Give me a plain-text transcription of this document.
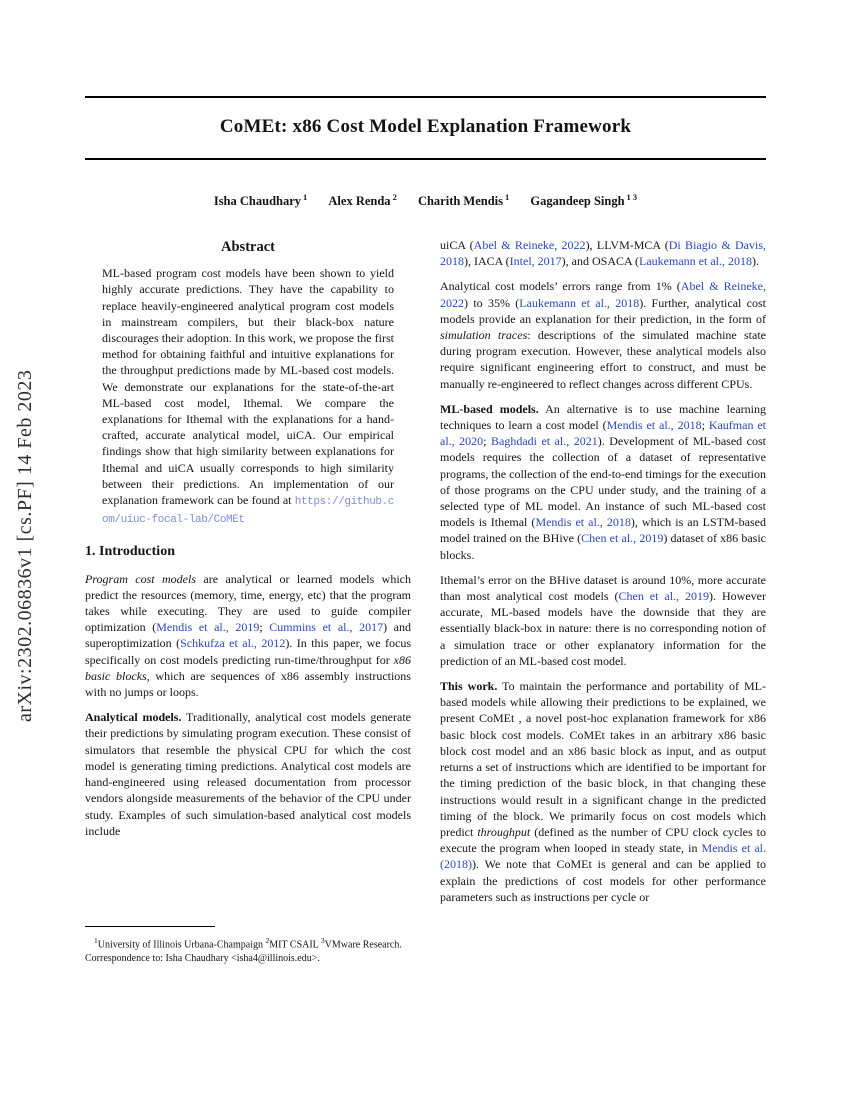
arXiv:2302.06836v1 [cs.PF] 14 Feb 2023
CoMEt: x86 Cost Model Explanation Framework
Isha Chaudhary $^1$ Alex Renda $^2$ Charith Mendis $^1$ Gagandeep Singh $^{1 3}$
Abstract

ML-based program cost models have been shown to yield highly accurate predictions. They have the capability to replace heavily-engineered analytical program cost models in mainstream compilers, but their black-box nature discourages their adoption. In this work, we propose the first method for obtaining faithful and intuitive explanations for the throughput predictions made by ML-based cost models. We demonstrate our explanations for the state-of-the-art ML-based cost model, Ithemal. We compare the explanations for Ithemal with the explanations for a hand-crafted, accurate analytical model, uiCA. Our empirical findings show that high similarity between explanations for Ithemal and uiCA usually corresponds to high similarity between their predictions. An implementation of our explanation framework can be found at https://github.com/uiuc-focal-lab/CoMEt

1. Introduction

Program cost models are analytical or learned models which predict the resources (memory, time, energy, etc) that the program takes while executing. They are used to guide compiler optimization (Mendis et al., 2019; Cummins et al., 2017) and superoptimization (Schkufza et al., 2012). In this paper, we focus specifically on cost models predicting run-time/throughput for x86 basic blocks, which are sequences of x86 assembly instructions with no jumps or loops.

Analytical models. Traditionally, analytical cost models generate their predictions by simulating program execution. These consist of simulators that resemble the physical CPU for which the cost model is generating timing predictions. Analytical cost models are hand-engineered using released documentation from processor vendors alongside measurements of the behavior of the CPU under study. Examples of such simulation-based analytical cost models include

uiCA (Abel & Reineke, 2022), LLVM-MCA (Di Biagio & Davis, 2018), IACA (Intel, 2017), and OSACA (Laukemann et al., 2018).

Analytical cost models’ errors range from 1% (Abel & Reineke, 2022) to 35% (Laukemann et al., 2018). Further, analytical cost models provide an explanation for their prediction, in the form of simulation traces: descriptions of the simulated machine state during program execution. However, these analytical models also require significant engineering effort to construct, and must be manually re-engineered to reflect changes across different CPUs.

ML-based models. An alternative is to use machine learning techniques to learn a cost model (Mendis et al., 2018; Kaufman et al., 2020; Baghdadi et al., 2021). Development of ML-based cost models requires the collection of a dataset of representative programs, the collection of the end-to-end timings for the execution of those programs on the CPU under study, and the training of a selected type of ML model. An instance of such ML-based cost models is Ithemal (Mendis et al., 2018), which is an LSTM-based model trained on the BHive (Chen et al., 2019) dataset of x86 basic blocks.

Ithemal’s error on the BHive dataset is around 10%, more accurate than most analytical cost models (Chen et al., 2019). However accurate, ML-based models have the downside that they are essentially black-box in nature: there is no corresponding notion of a simulation trace or other explanatory information for the prediction of an ML-based cost model.

This work. To maintain the performance and portability of ML-based models while allowing their predictions to be explained, we present CoMEt , a novel post-hoc explanation framework for x86 basic block cost models. CoMEt takes in an arbitrary x86 basic block cost model and an x86 basic block as input, and as output returns a set of instructions which are identified to be important for the timing prediction of the basic block, in that changing these instructions would result in a significant change in the predicted timing of the block. We primarily focus on cost models which predict throughput (defined as the number of CPU clock cycles to execute the program when looped in steady state, in Mendis et al. (2018)). We note that CoMEt is general and can be applied to explain the predictions of cost models for other performance parameters such as instructions per cycle or

$^1$University of Illinois Urbana-Champaign $^2$MIT CSAIL $^3$VMware Research. Correspondence to: Isha Chaudhary <isha4@illinois.edu>.
